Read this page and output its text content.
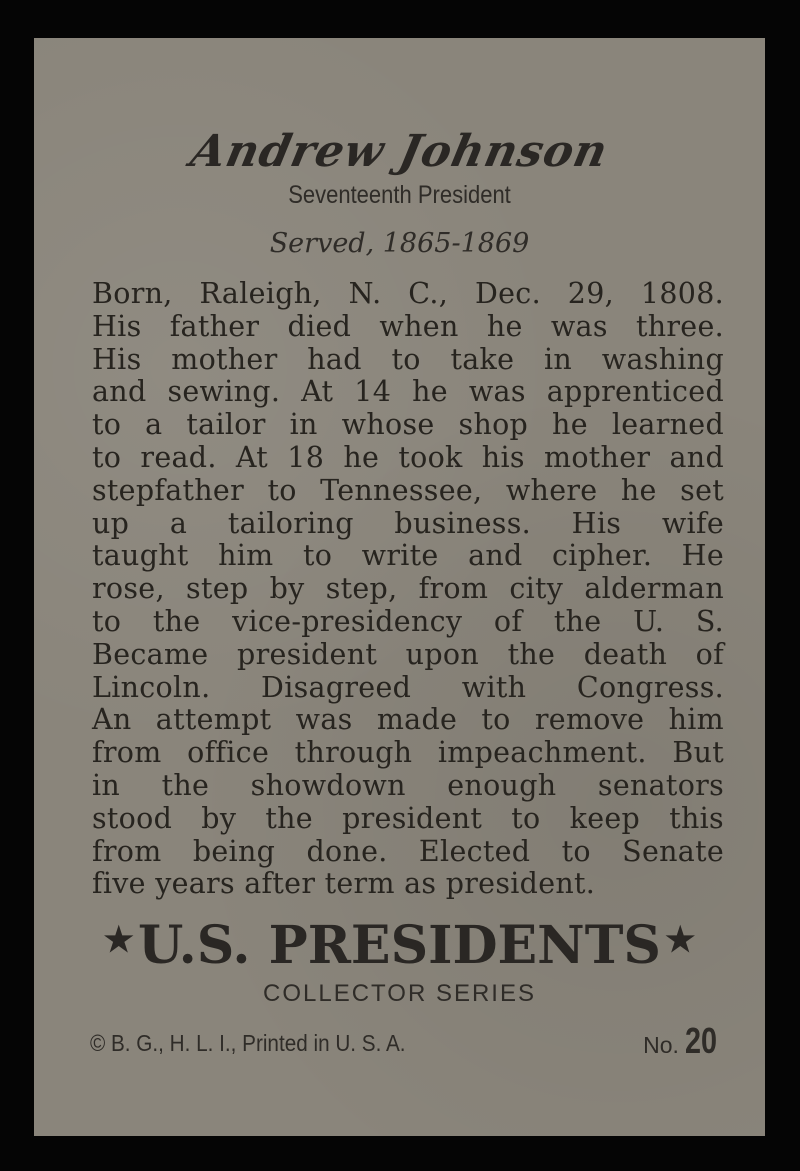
Andrew Johnson
Seventeenth President
Served, 1865-1869
Born, Raleigh, N. C., Dec. 29, 1808.
His father died when he was three.
His mother had to take in washing
and sewing. At 14 he was apprenticed
to a tailor in whose shop he learned
to read. At 18 he took his mother and
stepfather to Tennessee, where he set
up a tailoring business. His wife
taught him to write and cipher. He
rose, step by step, from city alderman
to the vice-presidency of the U. S.
Became president upon the death of
Lincoln. Disagreed with Congress.
An attempt was made to remove him
from office through impeachment. But
in the showdown enough senators
stood by the president to keep this
from being done. Elected to Senate
five years after term as president.
★U.S. PRESIDENTS ★
COLLECTOR SERIES
© B. G., H. L. I., Printed in U. S. A.	No. 20
